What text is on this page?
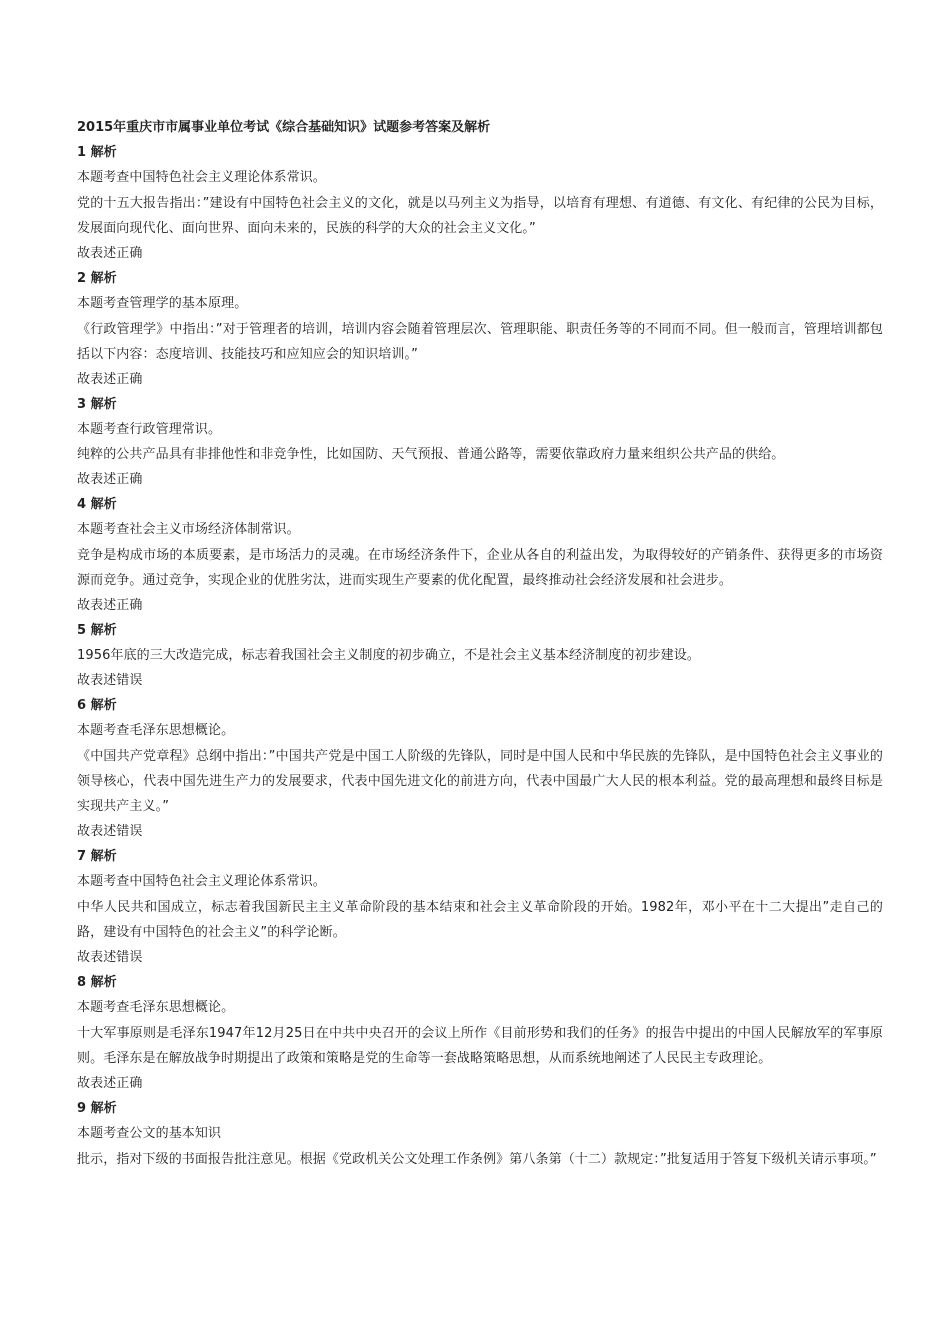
2015年重庆市市属事业单位考试《综合基础知识》试题参考答案及解析
1 解析
本题考查中国特色社会主义理论体系常识。
党的十五大报告指出：”建设有中国特色社会主义的文化，就是以马列主义为指导，以培育有理想、有道德、有文化、有纪律的公民为目标，发展面向现代化、面向世界、面向未来的，民族的科学的大众的社会主义文化。”
故表述正确
2 解析
本题考查管理学的基本原理。
《行政管理学》中指出：”对于管理者的培训，培训内容会随着管理层次、管理职能、职责任务等的不同而不同。但一般而言，管理培训都包括以下内容：态度培训、技能技巧和应知应会的知识培训。”
故表述正确
3 解析
本题考查行政管理常识。
纯粹的公共产品具有非排他性和非竞争性，比如国防、天气预报、普通公路等，需要依靠政府力量来组织公共产品的供给。
故表述正确
4 解析
本题考查社会主义市场经济体制常识。
竞争是构成市场的本质要素，是市场活力的灵魂。在市场经济条件下，企业从各自的利益出发，为取得较好的产销条件、获得更多的市场资源而竞争。通过竞争，实现企业的优胜劣汰，进而实现生产要素的优化配置，最终推动社会经济发展和社会进步。
故表述正确
5 解析
1956年底的三大改造完成，标志着我国社会主义制度的初步确立，不是社会主义基本经济制度的初步建设。
故表述错误
6 解析
本题考查毛泽东思想概论。
《中国共产党章程》总纲中指出：”中国共产党是中国工人阶级的先锋队，同时是中国人民和中华民族的先锋队，是中国特色社会主义事业的领导核心，代表中国先进生产力的发展要求，代表中国先进文化的前进方向，代表中国最广大人民的根本利益。党的最高理想和最终目标是实现共产主义。”
故表述错误
7 解析
本题考查中国特色社会主义理论体系常识。
中华人民共和国成立，标志着我国新民主主义革命阶段的基本结束和社会主义革命阶段的开始。1982年，邓小平在十二大提出”走自己的路，建设有中国特色的社会主义”的科学论断。
故表述错误
8 解析
本题考查毛泽东思想概论。
十大军事原则是毛泽东1947年12月25日在中共中央召开的会议上所作《目前形势和我们的任务》的报告中提出的中国人民解放军的军事原则。毛泽东是在解放战争时期提出了政策和策略是党的生命等一套战略策略思想，从而系统地阐述了人民民主专政理论。
故表述正确
9 解析
本题考查公文的基本知识
批示，指对下级的书面报告批注意见。根据《党政机关公文处理工作条例》第八条第（十二）款规定：”批复适用于答复下级机关请示事项。”
